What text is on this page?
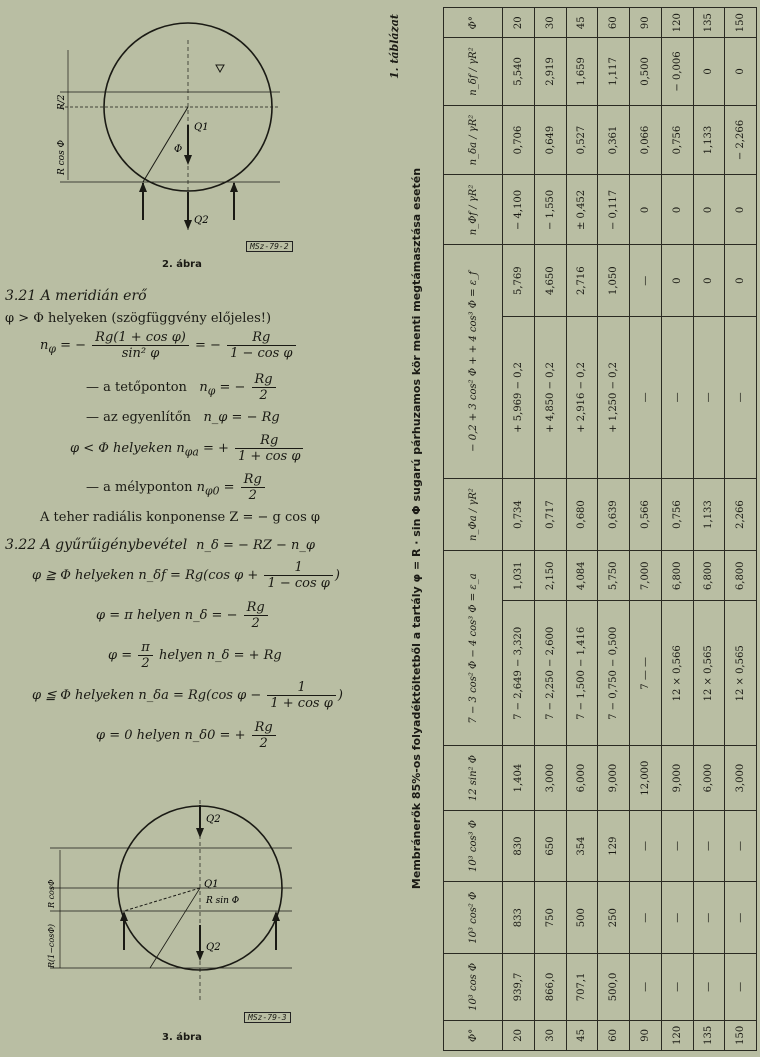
R/2
R cos Φ	Φ
Q1
Q2
MSz-79-2
2. ábra
3.21 A meridián erő
φ > Φ helyeken (szögfüggvény előjeles!)
$n_\varphi$ = − $\frac{\text{Rg(1 + cos φ)}}{\text{sin² φ}}$ = − $\frac{Rg}{\text{1 − cos φ}}$
— a tetőponton   $n_\varphi$ = − $\frac{Rg}{2}$
— az egyenlítőn n_φ = − Rg
φ < Φ helyeken $n_{\varphi a}$ = + $\frac{Rg}{\text{1 + cos φ}}$
— a mélyponton $n_{\varphi 0} = \frac{Rg}{2}$
A teher radiális konponense Z = − g cos φ
3.22 A gyűrűigénybevétel n_δ = − RZ − n_φ
φ ≧ Φ helyeken n_δf = Rg(cos $\varphi + \frac{1}{\text{1 − cos φ}}$ )
φ = π helyen n_δ = − $\frac{Rg}{2}$
$\varphi = \frac{\pi}{2}$ helyen n_δ = + Rg
φ ≦ Φ helyeken n_δa = Rg(cos $\varphi - \frac{1}{\text{1 + cos φ}}$ )
φ = 0 helyen n_δ0 = + $\frac{Rg}{2}$
Q2
Q1
R sin Φ
R(1−cosΦ)
R cosΦ
Q2
MSz-79-3
3. ábra
1. táblázat
Membránerők 85%-os folyadéktöltetből a tartály φ = R · sin Φ sugarú párhuzamos kör menti megtámasztása esetén
Φ°	10³ cos Φ	10³ cos² Φ	10³ cos³ Φ	12 sin² Φ	7 − 3 cos² Φ − 4 cos³ Φ = ε_a		n_Φa / γR²	− 0,2 + 3 cos² Φ + + 4 cos³ Φ = ε_f		n_Φf / γR²	n_δa / γR²	n_δf / γR²	Φ°
20	939,7	833	830	1,404	7 − 2,649 − 3,320	1,031	0,734	+ 5,969 − 0,2	5,769	− 4,100	0,706	5,540	20
30	866,0	750	650	3,000	7 − 2,250 − 2,600	2,150	0,717	+ 4,850 − 0,2	4,650	− 1,550	0,649	2,919	30
45	707,1	500	354	6,000	7 − 1,500 − 1,416	4,084	0,680	+ 2,916 − 0,2	2,716	± 0,452	0,527	1,659	45
60	500,0	250	129	9,000	7 − 0,750 − 0,500	5,750	0,639	+ 1,250 − 0,2	1,050	− 0,117	0,361	1,117	60
90	—	—	—	12,000	7 — —	7,000	0,566	—	—	0	0,066	0,500	90
120	—	—	—	9,000	12 × 0,566	6,800	0,756	—	0	0	0,756	− 0,006	120
135	—	—	—	6,000	12 × 0,565	6,800	1,133	—	0	0	1,133	0	135
150	—	—	—	3,000	12 × 0,565	6,800	2,266	—	0	0	− 2,266	0	150
